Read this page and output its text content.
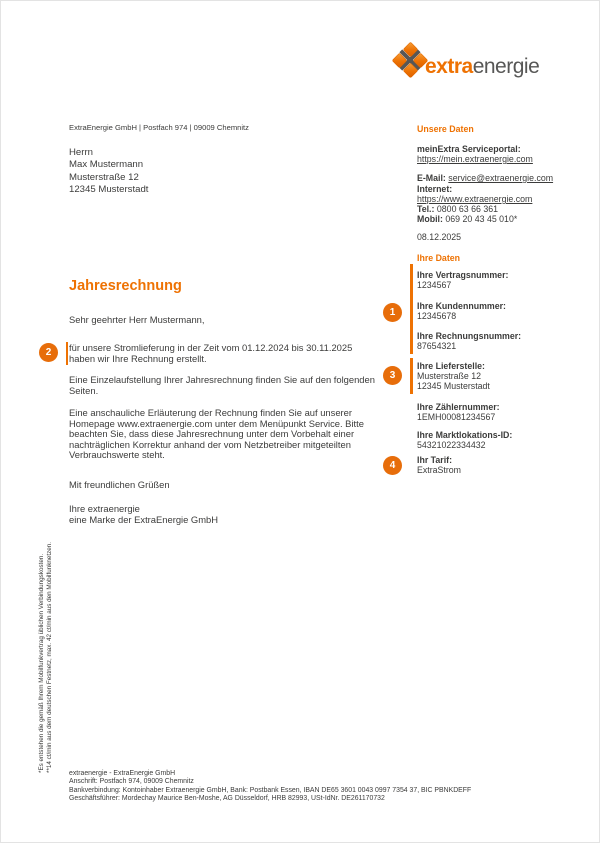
extraenergie
ExtraEnergie GmbH | Postfach 974 | 09009 Chemnitz
Herrn
Max Mustermann
Musterstraße 12
12345 Musterstadt
Unsere Daten
meinExtra Serviceportal:
https://mein.extraenergie.com
E-Mail: service@extraenergie.com
Internet:
https://www.extraenergie.com
Tel.: 0800 63 66 361
Mobil: 069 20 43 45 010*
08.12.2025
Ihre Daten
Ihre Vertragsnummer:
1234567
Ihre Kundennummer:
12345678
Ihre Rechnungsnummer:
87654321
Ihre Lieferstelle:
Musterstraße 12
12345 Musterstadt
Ihre Zählernummer:
1EMH00081234567
Ihre Marktlokations-ID:
54321022334432
Ihr Tarif:
ExtraStrom
1
2
3
4
Jahresrechnung
Sehr geehrter Herr Mustermann,
für unsere Stromlieferung in der Zeit vom 01.12.2024 bis 30.11.2025
haben wir Ihre Rechnung erstellt.
Eine Einzelaufstellung Ihrer Jahresrechnung finden Sie auf den folgenden
Seiten.
Eine anschauliche Erläuterung der Rechnung finden Sie auf unserer
Homepage www.extraenergie.com unter dem Menüpunkt Service. Bitte
beachten Sie, dass diese Jahresrechnung unter dem Vorbehalt einer
nachträglichen Korrektur anhand der vom Netzbetreiber mitgeteilten
Verbrauchswerte steht.
Mit freundlichen Grüßen
Ihre extraenergie
eine Marke der ExtraEnergie GmbH
*Es entstehen die gemäß Ihrem Mobilfunkvertrag üblichen Verbindungskosten. **14 ct/min aus dem deutschen Festnetz, max. 42 ct/min aus den Mobilfunknetzen.
extraenergie - ExtraEnergie GmbH
Anschrift: Postfach 974, 09009 Chemnitz
Bankverbindung: Kontoinhaber Extraenergie GmbH, Bank: Postbank Essen, IBAN DE65 3601 0043 0997 7354 37, BIC PBNKDEFF
Geschäftsführer: Mordechay Maurice Ben-Moshe, AG Düsseldorf, HRB 82993, USt-IdNr. DE261170732
